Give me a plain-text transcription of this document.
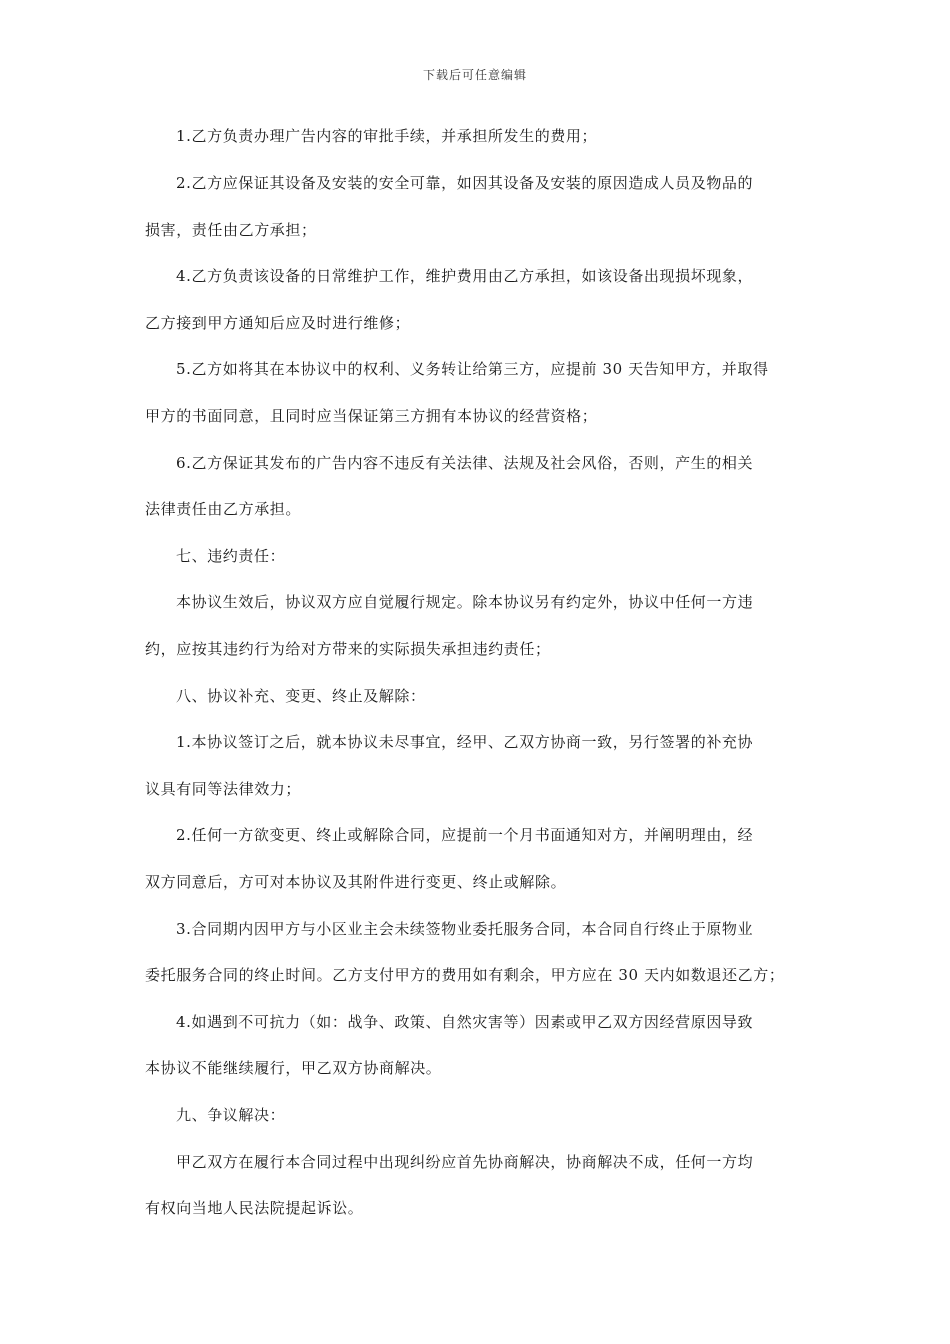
下载后可任意编辑
1.乙方负责办理广告内容的审批手续，并承担所发生的费用；
2.乙方应保证其设备及安装的安全可靠，如因其设备及安装的原因造成人员及物品的
损害，责任由乙方承担；
4.乙方负责该设备的日常维护工作，维护费用由乙方承担，如该设备出现损坏现象，
乙方接到甲方通知后应及时进行维修；
5.乙方如将其在本协议中的权利、义务转让给第三方，应提前 30 天告知甲方，并取得
甲方的书面同意，且同时应当保证第三方拥有本协议的经营资格；
6.乙方保证其发布的广告内容不违反有关法律、法规及社会风俗，否则，产生的相关
法律责任由乙方承担。
七、违约责任：
本协议生效后，协议双方应自觉履行规定。除本协议另有约定外，协议中任何一方违
约，应按其违约行为给对方带来的实际损失承担违约责任；
八、协议补充、变更、终止及解除：
1.本协议签订之后，就本协议未尽事宜，经甲、乙双方协商一致，另行签署的补充协
议具有同等法律效力；
2.任何一方欲变更、终止或解除合同，应提前一个月书面通知对方，并阐明理由，经
双方同意后，方可对本协议及其附件进行变更、终止或解除。
3.合同期内因甲方与小区业主会未续签物业委托服务合同，本合同自行终止于原物业
委托服务合同的终止时间。乙方支付甲方的费用如有剩余，甲方应在 30 天内如数退还乙方；
4.如遇到不可抗力（如：战争、政策、自然灾害等）因素或甲乙双方因经营原因导致
本协议不能继续履行，甲乙双方协商解决。
九、争议解决：
甲乙双方在履行本合同过程中出现纠纷应首先协商解决，协商解决不成，任何一方均
有权向当地人民法院提起诉讼。
